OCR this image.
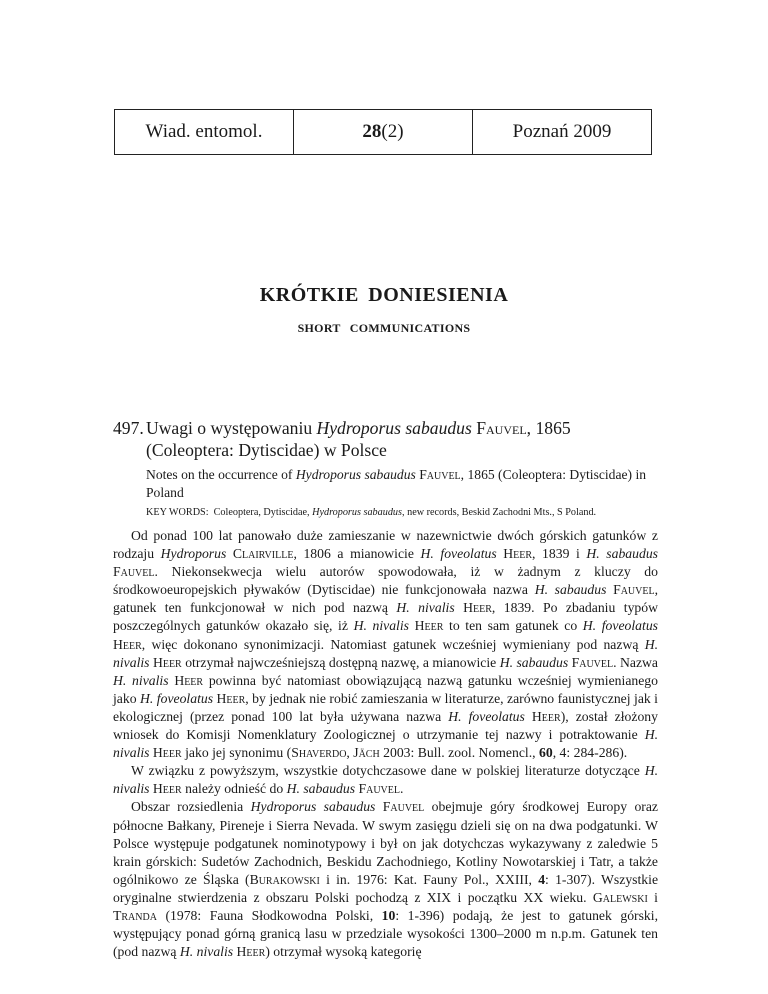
Wiad. entomol.	28 (2)	Poznań 2009
KRÓTKIE DONIESIENIA
SHORT COMMUNICATIONS
497. Uwagi o występowaniu Hydroporus sabaudus Fauvel, 1865 (Coleoptera: Dytiscidae) w Polsce
Notes on the occurrence of Hydroporus sabaudus Fauvel, 1865 (Coleoptera: Dytiscidae) in Poland
KEY WORDS:  Coleoptera, Dytiscidae, Hydroporus sabaudus, new records, Beskid Zachodni Mts., S Poland.

Od ponad 100 lat panowało duże zamieszanie w nazewnictwie dwóch górskich gatunków z rodzaju Hydroporus Clairville, 1806 a mianowicie H. foveolatus Heer, 1839 i H. sabaudus Fauvel. Niekonsekwecja wielu autorów spowodowała, iż w żadnym z kluczy do środkowoeuropejskich pływaków (Dytiscidae) nie funkcjonowała nazwa H. sabaudus Fauvel, gatunek ten funkcjonował w nich pod nazwą H. nivalis Heer, 1839. Po zbadaniu typów poszczególnych gatunków okazało się, iż H. nivalis Heer to ten sam gatunek co H. foveolatus Heer, więc dokonano synonimizacji. Natomiast gatunek wcześniej wymieniany pod nazwą H. nivalis Heer otrzymał najwcześniejszą dostępną nazwę, a mianowicie H. sabaudus Fauvel. Nazwa H. nivalis Heer powinna być natomiast obowiązującą nazwą gatunku wcześniej wymienianego jako H. foveolatus Heer, by jednak nie robić zamieszania w literaturze, zarówno faunistycznej jak i ekologicznej (przez ponad 100 lat była używana nazwa H. foveolatus Heer), został złożony wniosek do Komisji Nomenklatury Zoologicznej o utrzymanie tej nazwy i potraktowanie H. nivalis Heer jako jej synonimu (Shaverdo, Jäch 2003: Bull. zool. Nomencl., 60, 4: 284-286).

W związku z powyższym, wszystkie dotychczasowe dane w polskiej literaturze dotyczące H. nivalis Heer należy odnieść do H. sabaudus Fauvel.

Obszar rozsiedlenia Hydroporus sabaudus Fauvel obejmuje góry środkowej Europy oraz północne Bałkany, Pireneje i Sierra Nevada. W swym zasięgu dzieli się on na dwa podgatunki. W Polsce występuje podgatunek nominotypowy i był on jak dotychczas wykazywany z zaledwie 5 krain górskich: Sudetów Zachodnich, Beskidu Zachodniego, Kotliny Nowotarskiej i Tatr, a także ogólnikowo ze Śląska (Burakowski i in. 1976: Kat. Fauny Pol., XXIII, 4: 1-307). Wszystkie oryginalne stwierdzenia z obszaru Polski pochodzą z XIX i początku XX wieku. Galewski i Tranda (1978: Fauna Słodkowodna Polski, 10: 1-396) podają, że jest to gatunek górski, występujący ponad górną granicą lasu w przedziale wysokości 1300–2000 m n.p.m. Gatunek ten (pod nazwą H. nivalis Heer) otrzymał wysoką kategorię
